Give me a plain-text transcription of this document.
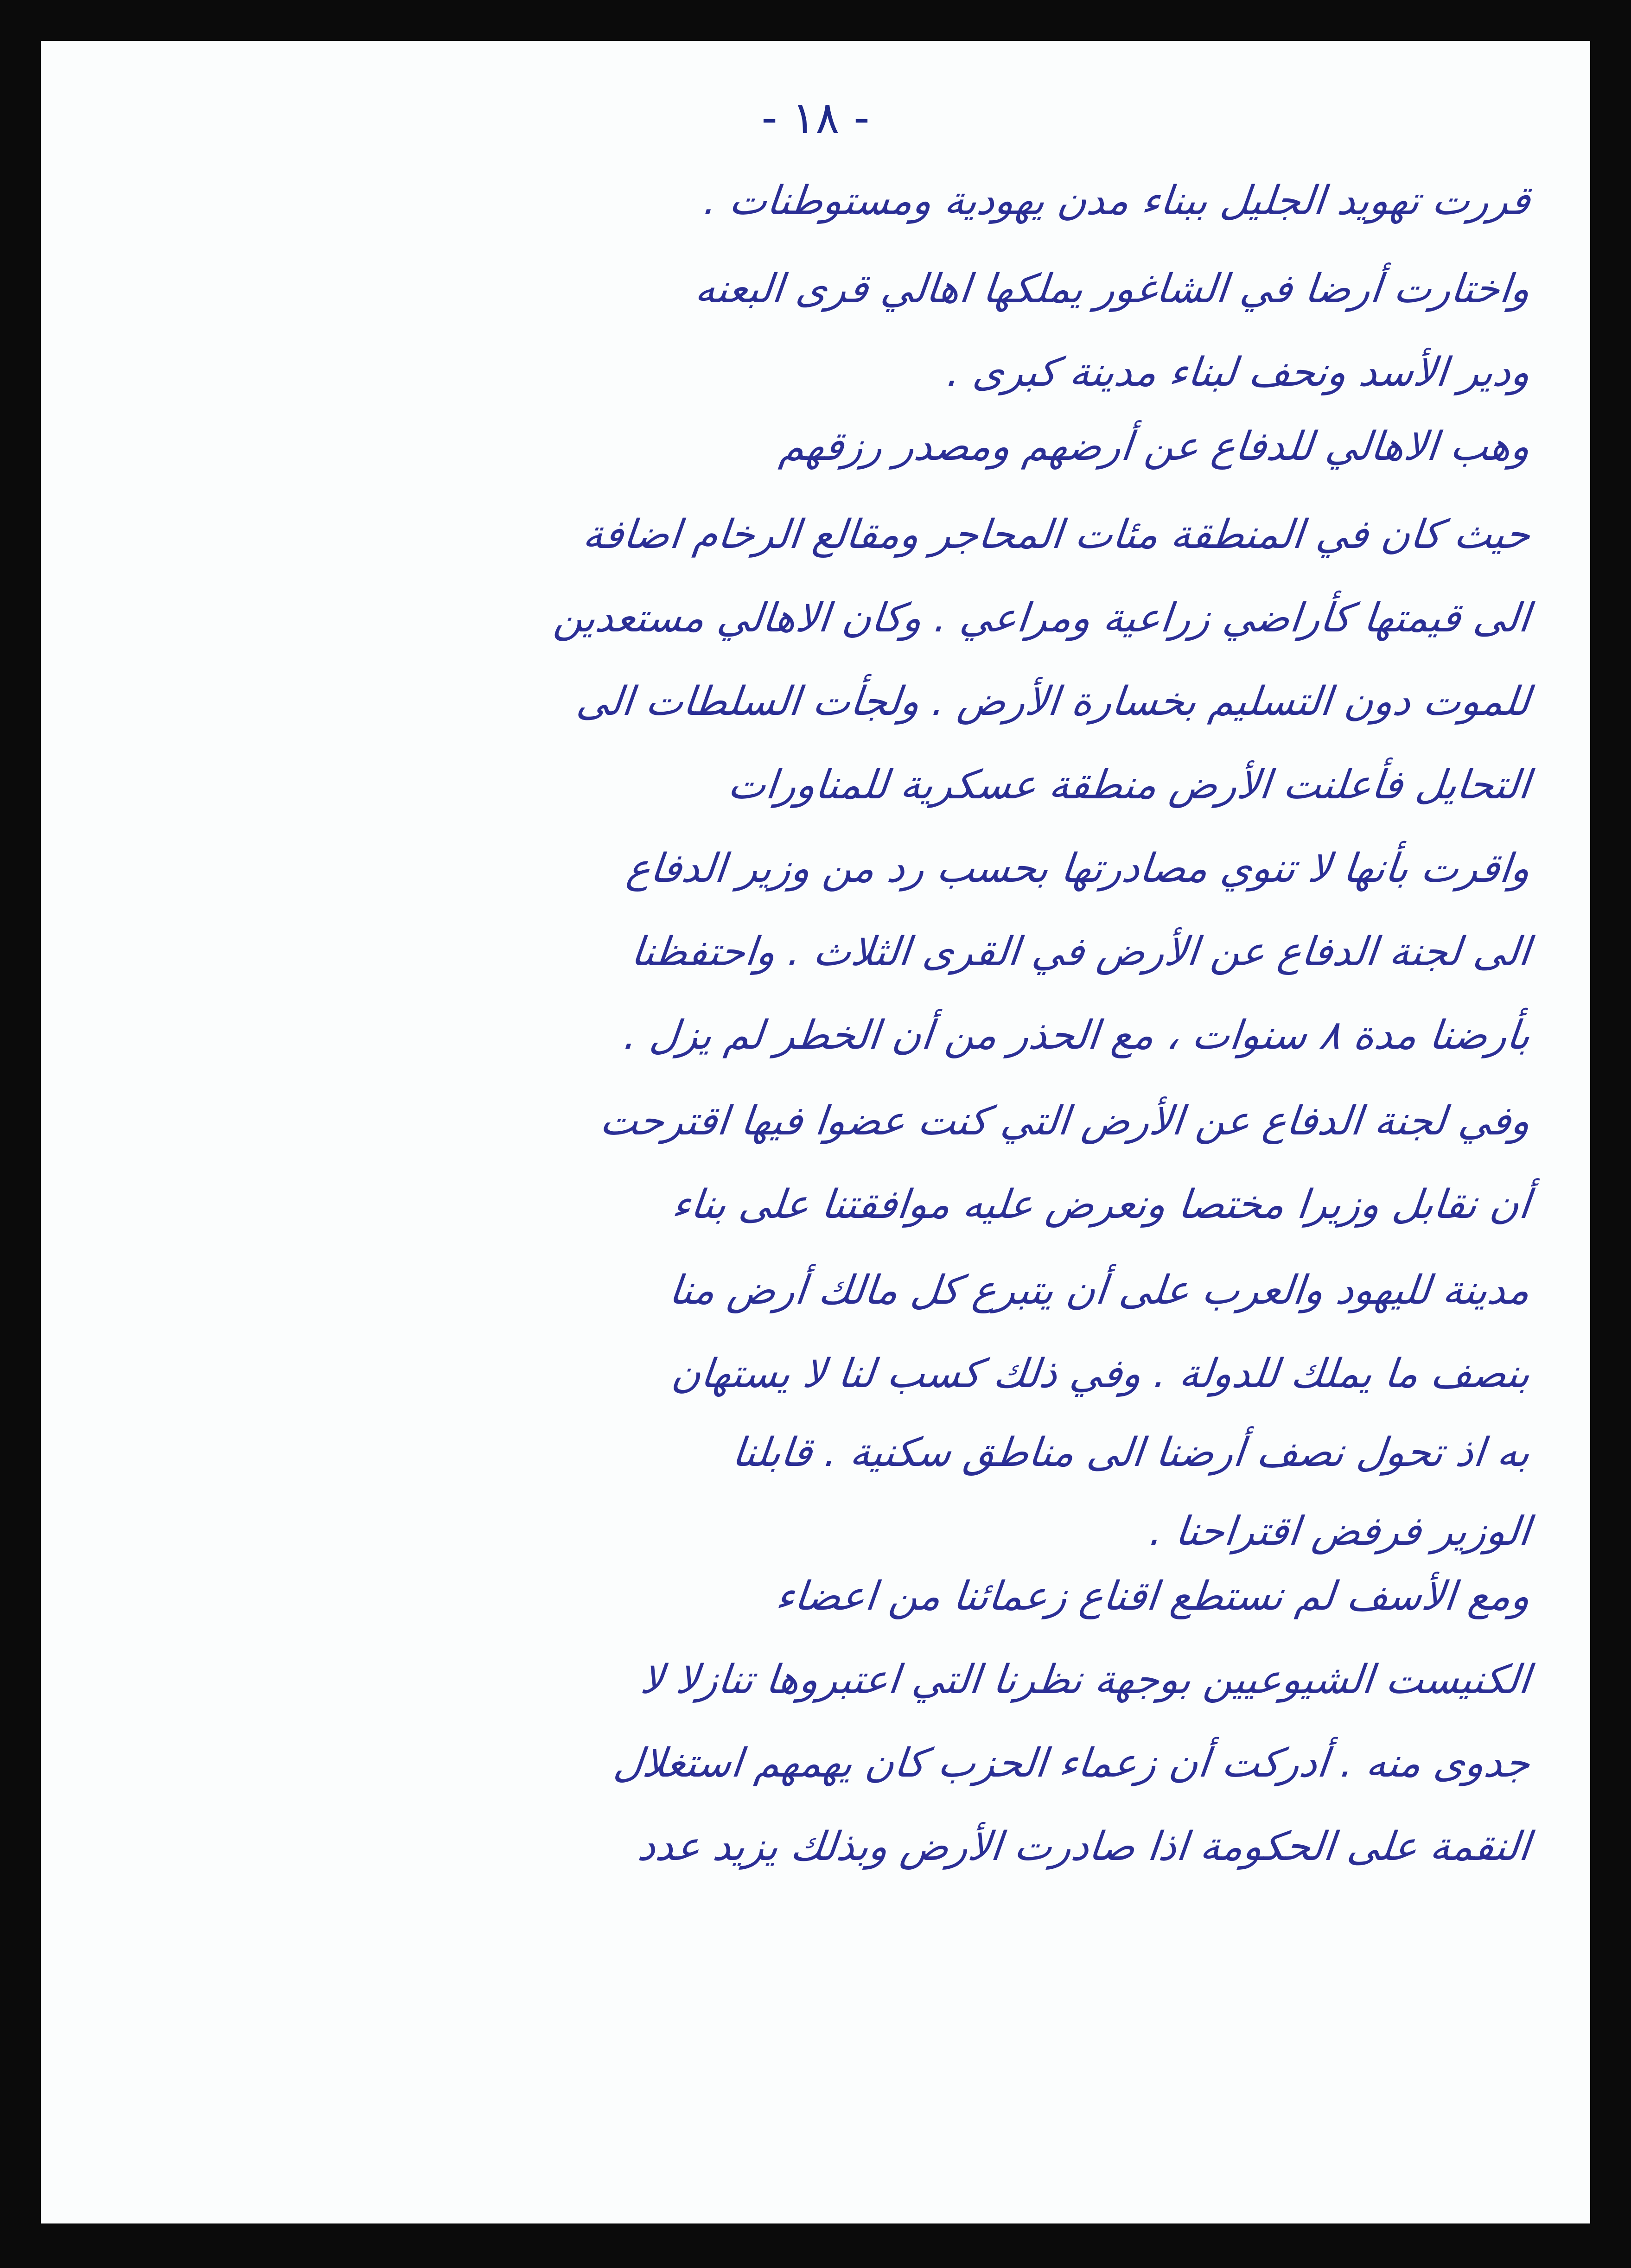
- ١٨ -
قررت تهويد الجليل ببناء مدن يهودية ومستوطنات .
واختارت أرضا في الشاغور يملكها اهالي قرى البعنه
ودير الأسد ونحف لبناء مدينة كبرى .
وهب الاهالي للدفاع عن أرضهم ومصدر رزقهم
حيث كان في المنطقة مئات المحاجر ومقالع الرخام اضافة
الى قيمتها كأراضي زراعية ومراعي . وكان الاهالي مستعدين
للموت دون التسليم بخسارة الأرض . ولجأت السلطات الى
التحايل فأعلنت الأرض منطقة عسكرية للمناورات
واقرت بأنها لا تنوي مصادرتها بحسب رد من وزير الدفاع
الى لجنة الدفاع عن الأرض في القرى الثلاث . واحتفظنا
بأرضنا مدة ٨ سنوات ، مع الحذر من أن الخطر لم يزل .
وفي لجنة الدفاع عن الأرض التي كنت عضوا فيها اقترحت
أن نقابل وزيرا مختصا ونعرض عليه موافقتنا على بناء
مدينة لليهود والعرب على أن يتبرع كل مالك أرض منا
بنصف ما يملك للدولة . وفي ذلك كسب لنا لا يستهان
به اذ تحول نصف أرضنا الى مناطق سكنية . قابلنا
الوزير فرفض اقتراحنا .
ومع الأسف لم نستطع اقناع زعمائنا من اعضاء
الكنيست الشيوعيين بوجهة نظرنا التي اعتبروها تنازلا لا
جدوى منه . أدركت أن زعماء الحزب كان يهمهم استغلال
النقمة على الحكومة اذا صادرت الأرض وبذلك يزيد عدد
